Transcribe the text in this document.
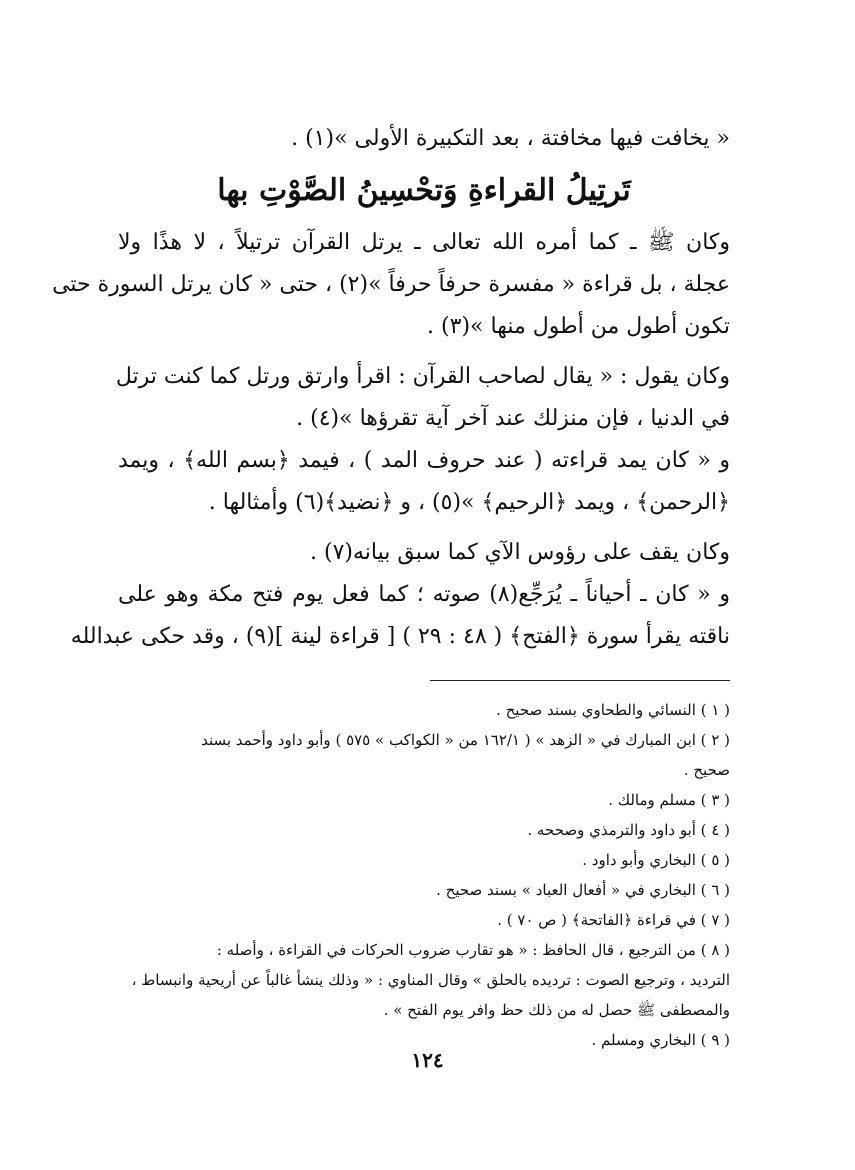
« يخافت فيها مخافتة ، بعد التكبيرة الأولى »(١) .
تَرتِيلُ القراءةِ وَتحْسِينُ الصَّوْتِ بها
وكان ﷺ ـ كما أمره الله تعالى ـ يرتل القرآن ترتيلاً ، لا هذًا ولا
عجلة ، بل قراءة « مفسرة حرفاً حرفاً »(٢) ، حتى « كان يرتل السورة حتى
تكون أطول من أطول منها »(٣) .
وكان يقول : « يقال لصاحب القرآن : اقرأ وارتق ورتل كما كنت ترتل
في الدنيا ، فإن منزلك عند آخر آية تقرؤها »(٤) .
و « كان يمد قراءته ( عند حروف المد ) ، فيمد ﴿بسم الله﴾ ، ويمد
﴿الرحمن﴾ ، ويمد ﴿الرحيم﴾ »(٥) ، و ﴿نضيد﴾(٦) وأمثالها .
وكان يقف على رؤوس الآي كما سبق بيانه(٧) .
و « كان ـ أحياناً ـ يُرَجِّع(٨) صوته ؛ كما فعل يوم فتح مكة وهو على
ناقته يقرأ سورة ﴿الفتح﴾ ( ٤٨ : ٢٩ ) [ قراءة لينة ](٩) ، وقد حكى عبدالله
( ١ ) النسائي والطحاوي بسند صحيح .
( ٢ ) ابن المبارك في « الزهد » ( ١٦٢/١ من « الكواكب » ٥٧٥ ) وأبو داود وأحمد بسند
صحيح .
( ٣ ) مسلم ومالك .
( ٤ ) أبو داود والترمذي وصححه .
( ٥ ) البخاري وأبو داود .
( ٦ ) البخاري في « أفعال العباد » بسند صحيح .
( ٧ ) في قراءة ﴿الفاتحة﴾ ( ص ٧٠ ) .
( ٨ ) من الترجيع ، قال الحافظ : « هو تقارب ضروب الحركات في القراءة ، وأصله :
الترديد ، وترجيع الصوت : ترديده بالحلق » وقال المناوي : « وذلك ينشأ غالباً عن أريحية وانبساط ،
والمصطفى ﷺ حصل له من ذلك حظ وافر يوم الفتح » .
( ٩ ) البخاري ومسلم .
١٢٤
